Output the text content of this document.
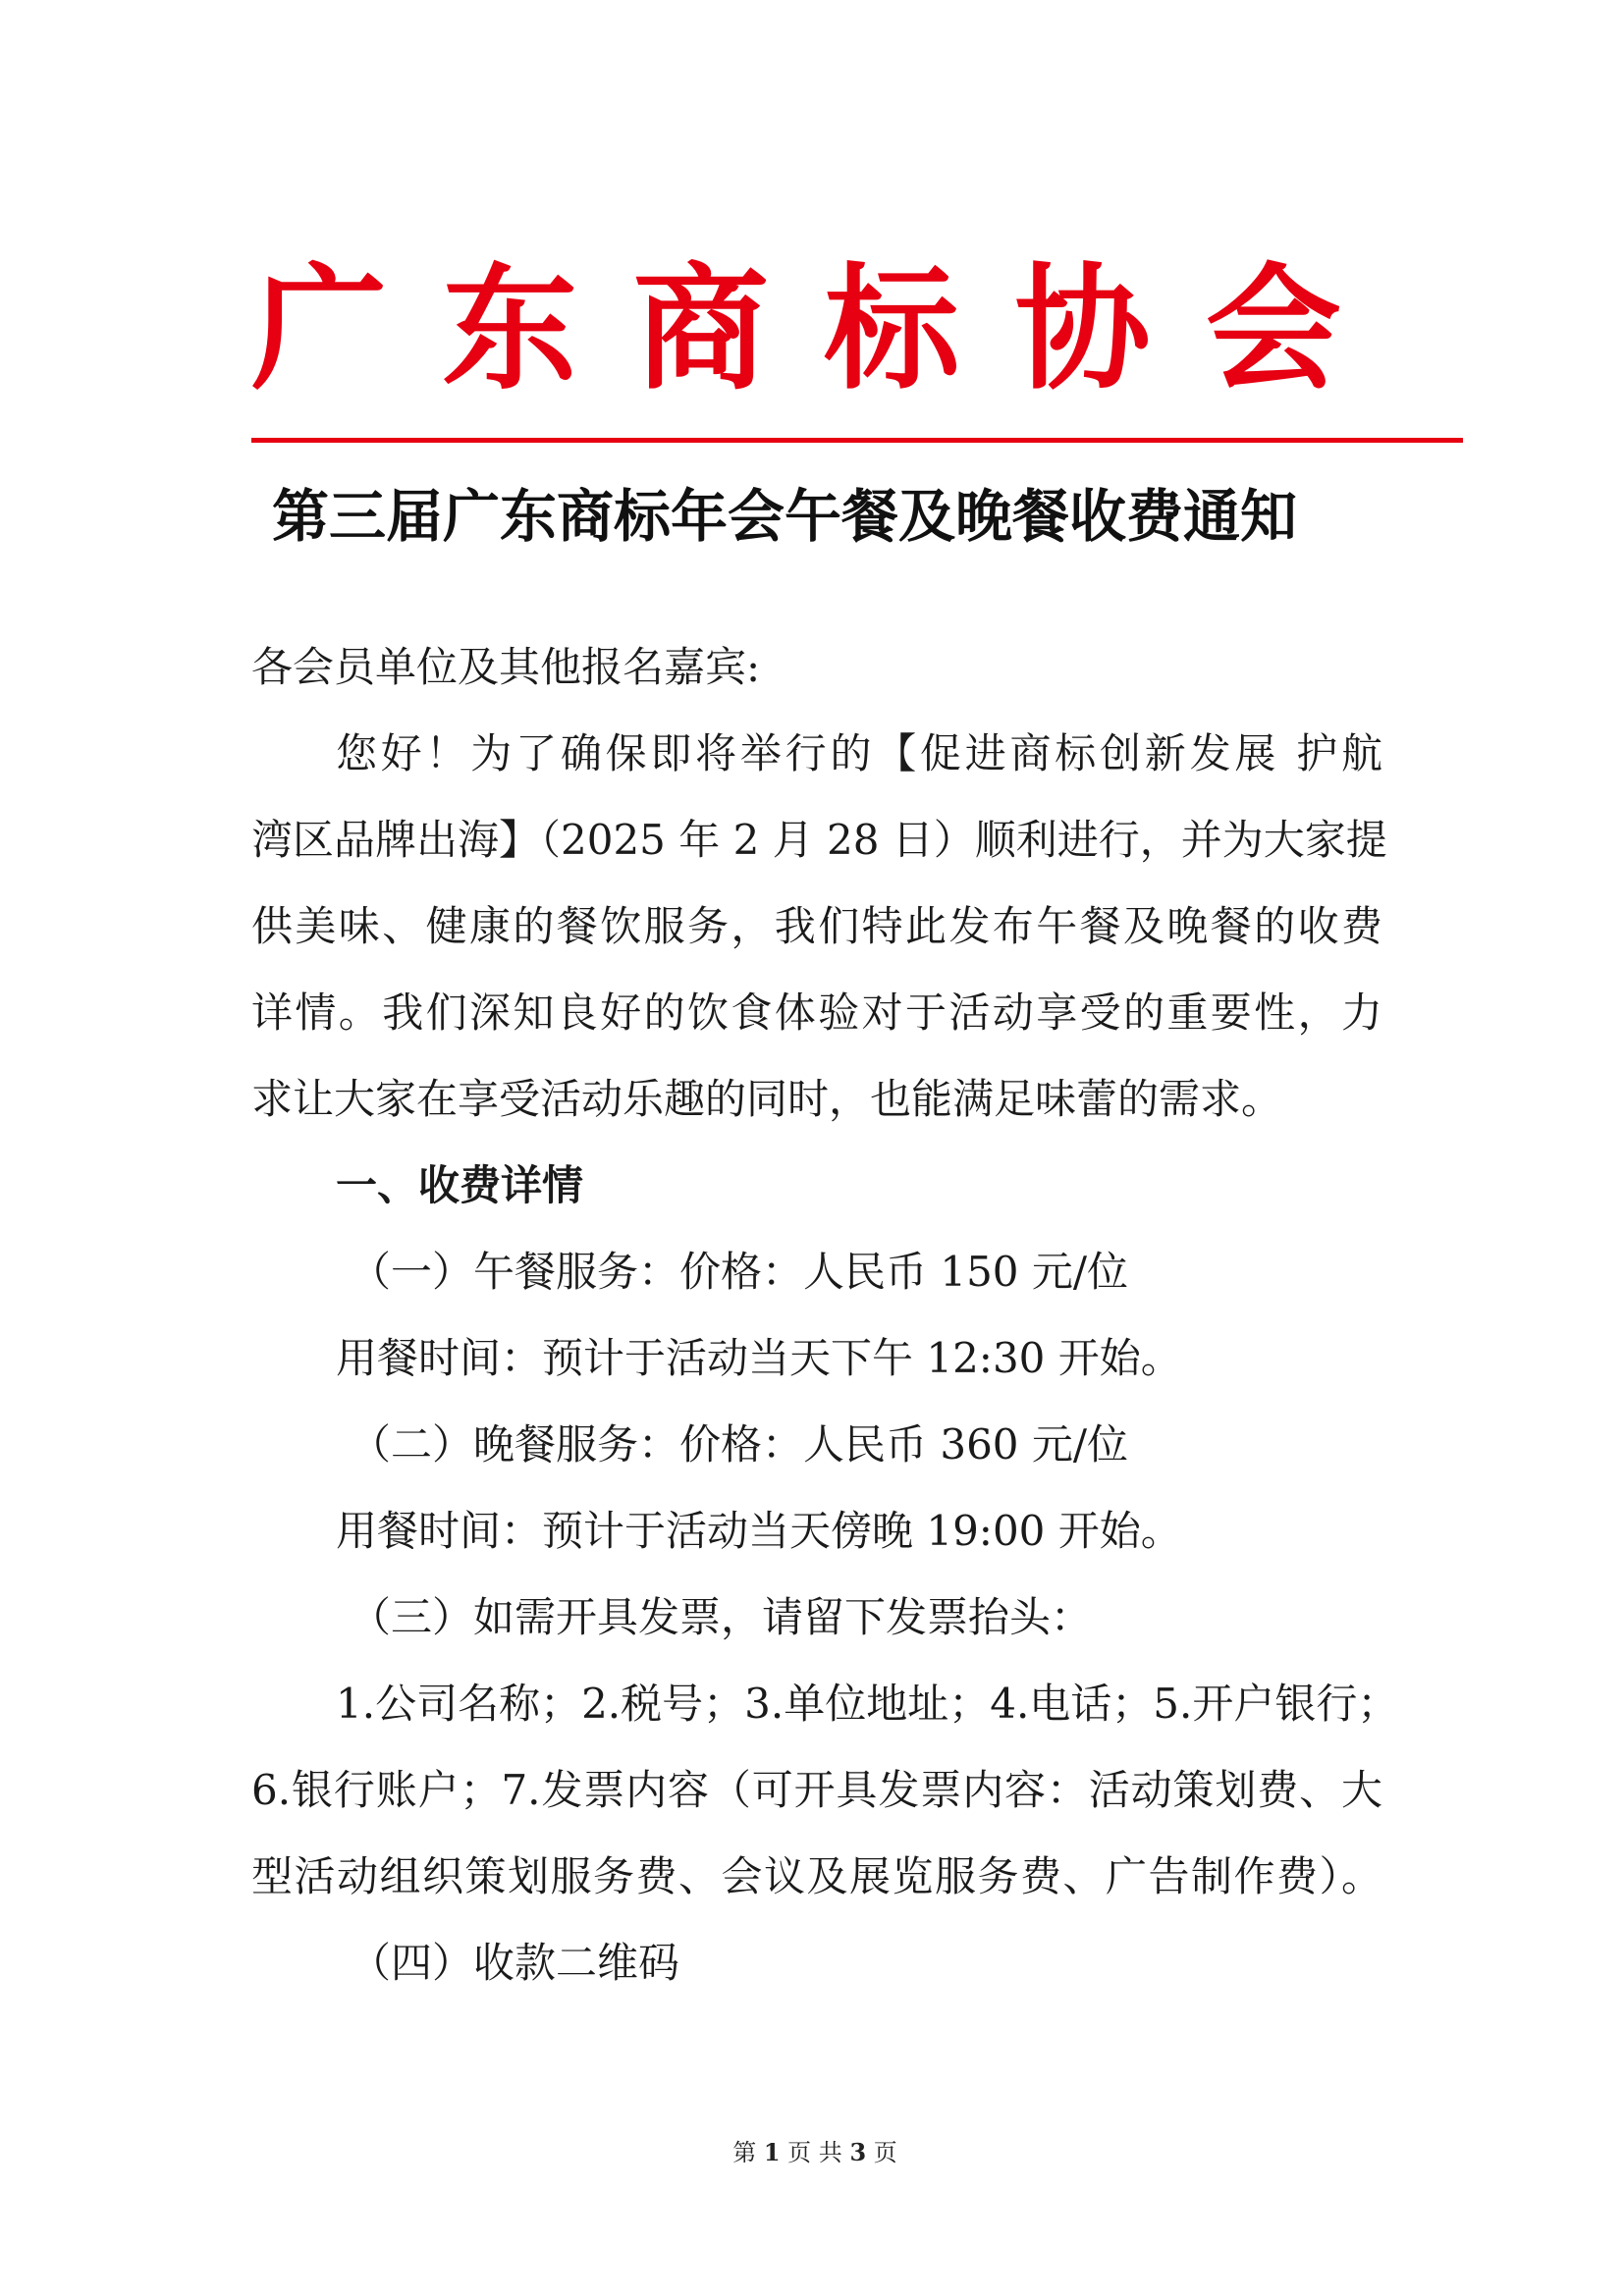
广 东 商 标 协 会
第三届广东商标年会午餐及晚餐收费通知
各会员单位及其他报名嘉宾:
您好！为了确保即将举行的【促进商标创新发展 护航
湾区品牌出海】（2025 年 2 月 28 日）顺利进行，并为大家提
供美味、健康的餐饮服务，我们特此发布午餐及晚餐的收费
详情。我们深知良好的饮食体验对于活动享受的重要性，力
求让大家在享受活动乐趣的同时，也能满足味蕾的需求。
一、收费详情
（一）午餐服务：价格：人民币 150 元/位
用餐时间：预计于活动当天下午 12:30 开始。
（二）晚餐服务：价格：人民币 360 元/位
用餐时间：预计于活动当天傍晚 19:00 开始。
（三）如需开具发票，请留下发票抬头：
1.公司名称；2.税号；3.单位地址；4.电话；5.开户银行；
6.银行账户；7.发票内容（可开具发票内容：活动策划费、大
型活动组织策划服务费、会议及展览服务费、广告制作费）。
（四）收款二维码
第 1 页 共 3 页
